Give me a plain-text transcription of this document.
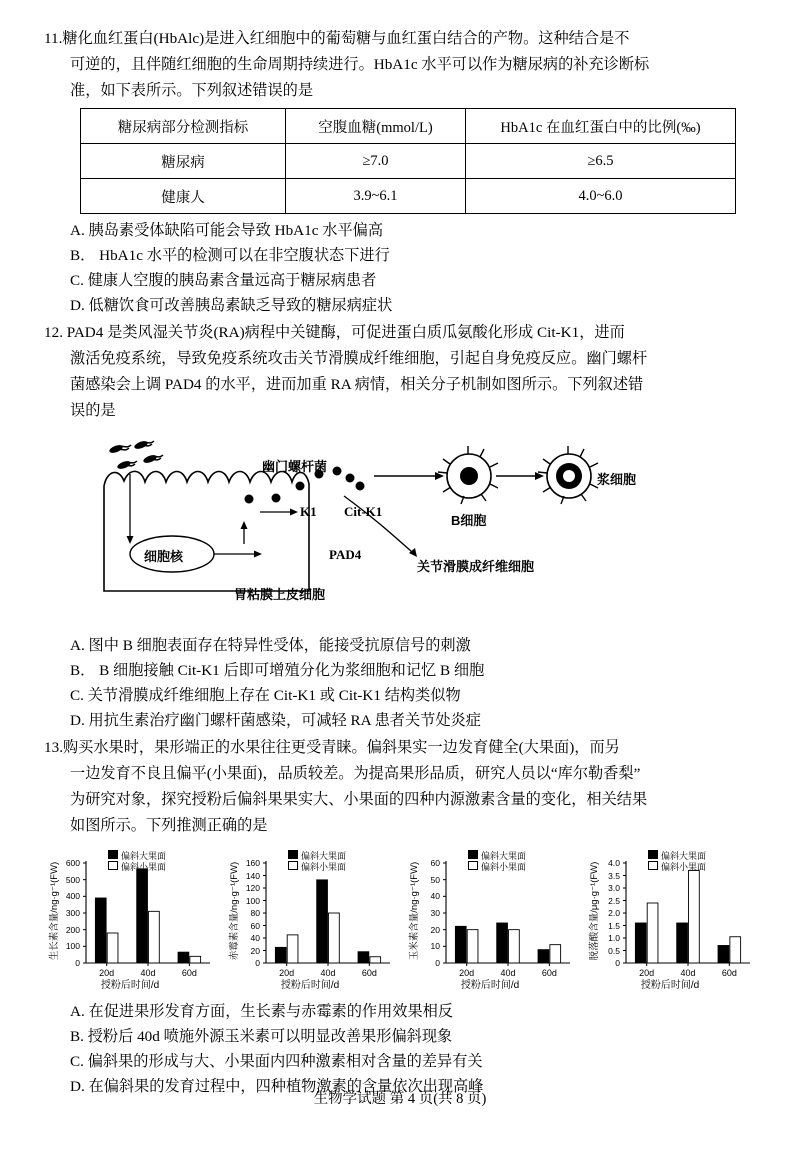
11.糖化血红蛋白(HbAlc)是进入红细胞中的葡萄糖与血红蛋白结合的产物。这种结合是不
可逆的，且伴随红细胞的生命周期持续进行。HbA1c 水平可以作为糖尿病的补充诊断标
准，如下表所示。下列叙述错误的是
糖尿病部分检测指标	空腹血糖(mmol/L)	HbA1c 在血红蛋白中的比例(‰)
糖尿病	≥7.0	≥6.5
健康人	3.9~6.1	4.0~6.0
A. 胰岛素受体缺陷可能会导致 HbA1c 水平偏高
B． HbA1c 水平的检测可以在非空腹状态下进行
C. 健康人空腹的胰岛素含量远高于糖尿病患者
D. 低糖饮食可改善胰岛素缺乏导致的糖尿病症状
12. PAD4 是类风湿关节炎(RA)病程中关键酶，可促进蛋白质瓜氨酸化形成 Cit-K1，进而
激活免疫系统，导致免疫系统攻击关节滑膜成纤维细胞，引起自身免疫反应。幽门螺杆
菌感染会上调 PAD4 的水平，进而加重 RA 病情，相关分子机制如图所示。下列叙述错
误的是
幽门螺杆菌
细胞核	PAD4
K1 Cit-K1
B细胞
浆细胞
关节滑膜成纤维细胞
胃粘膜上皮细胞
A. 图中 B 细胞表面存在特异性受体，能接受抗原信号的刺激
B． B 细胞接触 Cit-K1 后即可增殖分化为浆细胞和记忆 B 细胞
C. 关节滑膜成纤维细胞上存在 Cit-K1 或 Cit-K1 结构类似物
D. 用抗生素治疗幽门螺杆菌感染，可减轻 RA 患者关节处炎症
13.购买水果时，果形端正的水果往往更受青睐。偏斜果实一边发育健全(大果面)，而另
一边发育不良且偏平(小果面)，品质较差。为提高果形品质，研究人员以“库尔勒香梨”
为研究对象，探究授粉后偏斜果果实大、小果面的四种内源激素含量的变化，相关结果
如图所示。下列推测正确的是
0
100
200
300
400
500
600
20d	40d	60d
偏斜大果面
偏斜小果面
生长素含量/ng·g⁻¹(FW)
授粉后时间/d
0
20
40
60
80
100
120
140
160
20d	40d	60d
偏斜大果面
偏斜小果面
赤霉素含量/ng·g⁻¹(FW)
授粉后时间/d
0
10
20
30
40
50
60
20d	40d	60d
偏斜大果面
偏斜小果面
玉米素含量/ng·g⁻¹(FW)
授粉后时间/d
0
0.5
1.0
1.5
2.0
2.5
3.0
3.5
4.0
20d	40d	60d
偏斜大果面
偏斜小果面
脱落酸含量/μg·g⁻¹(FW)
授粉后时间/d
A. 在促进果形发育方面，生长素与赤霉素的作用效果相反
B. 授粉后 40d 喷施外源玉米素可以明显改善果形偏斜现象
C. 偏斜果的形成与大、小果面内四种激素相对含量的差异有关
D. 在偏斜果的发育过程中，四种植物激素的含量依次出现高峰
生物学试题 第 4 页(共 8 页)
